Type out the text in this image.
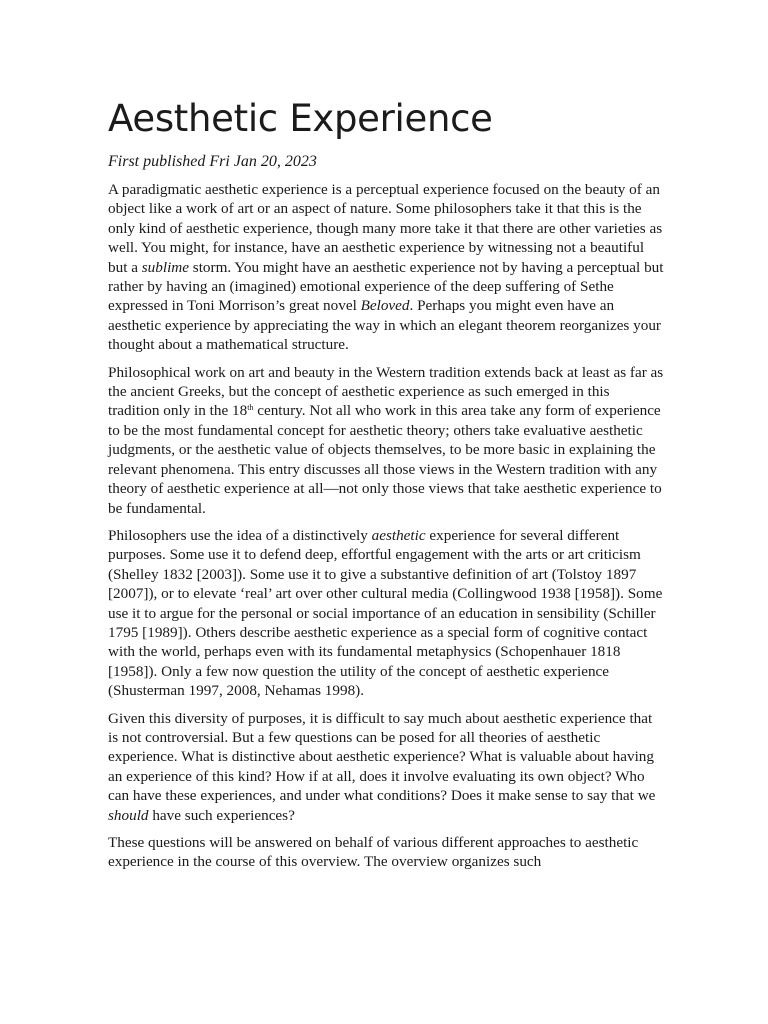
Aesthetic Experience
First published Fri Jan 20, 2023

A paradigmatic aesthetic experience is a perceptual experience focused on the beauty of an object like a work of art or an aspect of nature. Some philosophers take it that this is the only kind of aesthetic experience, though many more take it that there are other varieties as well. You might, for instance, have an aesthetic experience by witnessing not a beautiful but a sublime storm. You might have an aesthetic experience not by having a perceptual but rather by having an (imagined) emotional experience of the deep suffering of Sethe expressed in Toni Morrison’s great novel Beloved. Perhaps you might even have an aesthetic experience by appreciating the way in which an elegant theorem reorganizes your thought about a mathematical structure.

Philosophical work on art and beauty in the Western tradition extends back at least as far as the ancient Greeks, but the concept of aesthetic experience as such emerged in this tradition only in the 18th century. Not all who work in this area take any form of experience to be the most fundamental concept for aesthetic theory; others take evaluative aesthetic judgments, or the aesthetic value of objects themselves, to be more basic in explaining the relevant phenomena. This entry discusses all those views in the Western tradition with any theory of aesthetic experience at all—not only those views that take aesthetic experience to be fundamental.

Philosophers use the idea of a distinctively aesthetic experience for several different purposes. Some use it to defend deep, effortful engagement with the arts or art criticism (Shelley 1832 [2003]). Some use it to give a substantive definition of art (Tolstoy 1897 [2007]), or to elevate ‘real’ art over other cultural media (Collingwood 1938 [1958]). Some use it to argue for the personal or social importance of an education in sensibility (Schiller 1795 [1989]). Others describe aesthetic experience as a special form of cognitive contact with the world, perhaps even with its fundamental metaphysics (Schopenhauer 1818 [1958]). Only a few now question the utility of the concept of aesthetic experience (Shusterman 1997, 2008, Nehamas 1998).

Given this diversity of purposes, it is difficult to say much about aesthetic experience that is not controversial. But a few questions can be posed for all theories of aesthetic experience. What is distinctive about aesthetic experience? What is valuable about having an experience of this kind? How if at all, does it involve evaluating its own object? Who can have these experiences, and under what conditions? Does it make sense to say that we should have such experiences?

These questions will be answered on behalf of various different approaches to aesthetic experience in the course of this overview. The overview organizes such
